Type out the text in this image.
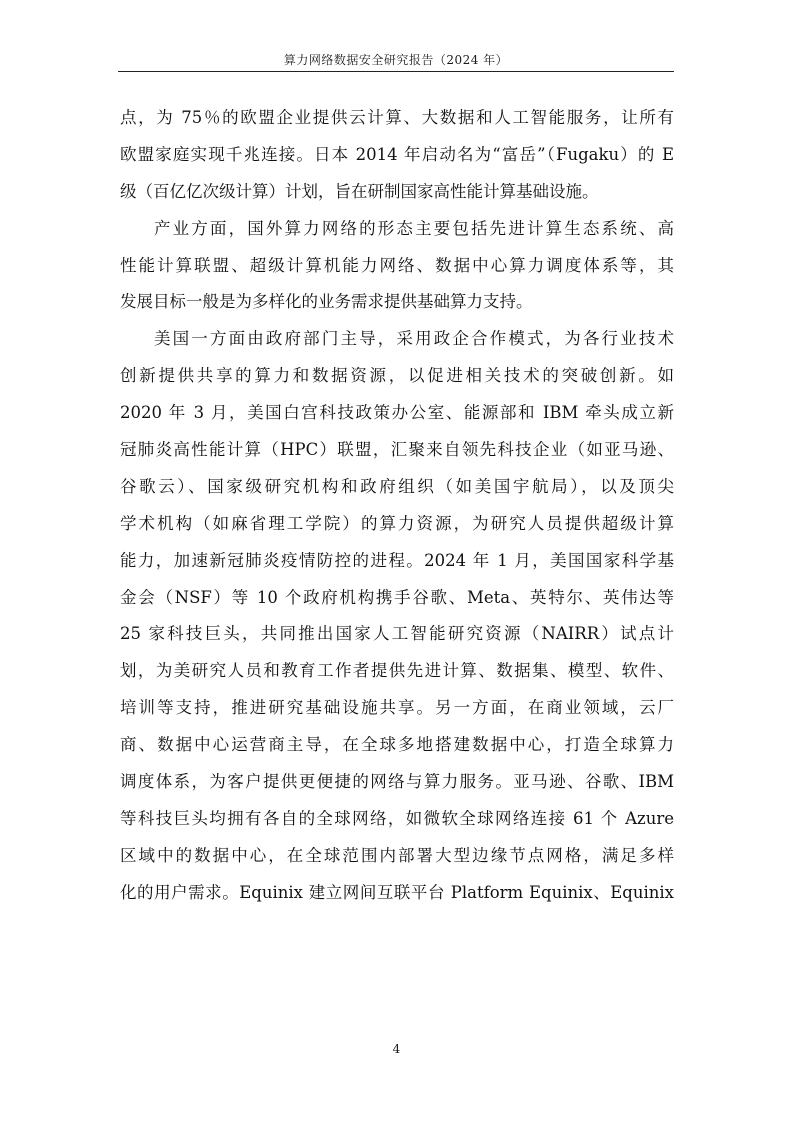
算力网络数据安全研究报告（2024 年）
点，为 75％的欧盟企业提供云计算、大数据和人工智能服务，让所有
欧盟家庭实现千兆连接。日本 2014 年启动名为“富岳”（Fugaku）的 E
级（百亿亿次级计算）计划，旨在研制国家高性能计算基础设施。
产业方面，国外算力网络的形态主要包括先进计算生态系统、高
性能计算联盟、超级计算机能力网络、数据中心算力调度体系等，其
发展目标一般是为多样化的业务需求提供基础算力支持。
美国一方面由政府部门主导，采用政企合作模式，为各行业技术
创新提供共享的算力和数据资源，以促进相关技术的突破创新。如
2020 年 3 月，美国白宫科技政策办公室、能源部和 IBM 牵头成立新
冠肺炎高性能计算（HPC）联盟，汇聚来自领先科技企业（如亚马逊、
谷歌云）、国家级研究机构和政府组织（如美国宇航局），以及顶尖
学术机构（如麻省理工学院）的算力资源，为研究人员提供超级计算
能力，加速新冠肺炎疫情防控的进程。2024 年 1 月，美国国家科学基
金会（NSF）等 10 个政府机构携手谷歌、Meta、英特尔、英伟达等
25 家科技巨头，共同推出国家人工智能研究资源（NAIRR）试点计
划，为美研究人员和教育工作者提供先进计算、数据集、模型、软件、
培训等支持，推进研究基础设施共享。另一方面，在商业领域，云厂
商、数据中心运营商主导，在全球多地搭建数据中心，打造全球算力
调度体系，为客户提供更便捷的网络与算力服务。亚马逊、谷歌、IBM
等科技巨头均拥有各自的全球网络，如微软全球网络连接 61 个 Azure
区域中的数据中心，在全球范围内部署大型边缘节点网格，满足多样
化的用户需求。Equinix 建立网间互联平台 Platform Equinix、Equinix
4
